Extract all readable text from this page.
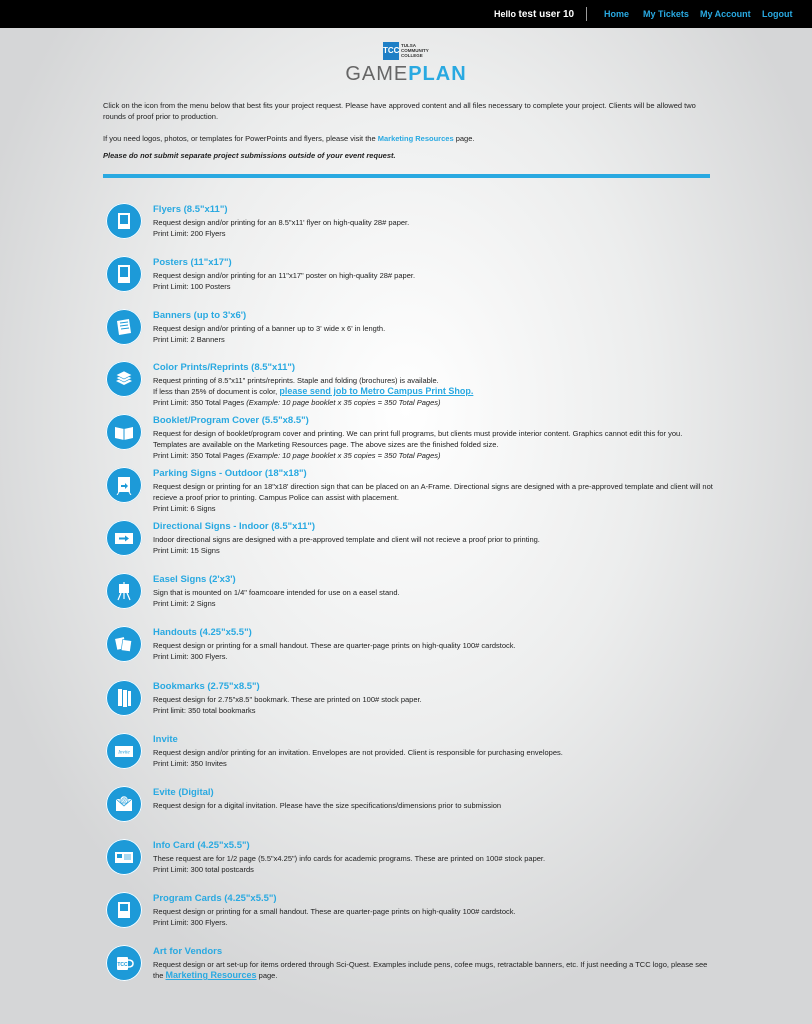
Hello test user 10	Home My Tickets My Account Logout
TCC
TULSA
COMMUNITY
COLLEGE
GAMEPLAN

Click on the icon from the menu below that best fits your project request. Please have approved content and all files necessary to complete your project. Clients will be allowed two rounds of proof prior to production.

If you need logos, photos, or templates for PowerPoints and flyers, please visit the Marketing Resources page.

Please do not submit separate project submissions outside of your event request.

Flyers (8.5"x11")
Request design and/or printing for an 8.5"x11' flyer on high-quality 28# paper.
Print Limit: 200 Flyers
Posters (11"x17")
Request design and/or printing for an 11"x17" poster on high-quality 28# paper.
Print Limit: 100 Posters
Banners (up to 3'x6')
Request design and/or printing of a banner up to 3' wide x 6' in length.
Print Limit: 2 Banners
Color Prints/Reprints (8.5"x11")
Request printing of 8.5"x11" prints/reprints. Staple and folding (brochures) is available.
If less than 25% of document is color, please send job to Metro Campus Print Shop.
Print Limit: 350 Total Pages (Example: 10 page booklet x 35 copies = 350 Total Pages)
Booklet/Program Cover (5.5"x8.5")
Request for design of booklet/program cover and printing. We can print full programs, but clients must provide interior content. Graphics cannot edit this for you. Templates are available on the Marketing Resources page. The above sizes are the finished folded size.
Print Limit: 350 Total Pages (Example: 10 page booklet x 35 copies = 350 Total Pages)
Parking Signs - Outdoor (18"x18")
Request design or printing for an 18"x18' direction sign that can be placed on an A-Frame. Directional signs are designed with a pre-approved template and client will not recieve a proof prior to printing. Campus Police can assist with placement.
Print Limit: 6 Signs
Directional Signs - Indoor (8.5"x11")
Indoor directional signs are designed with a pre-approved template and client will not recieve a proof prior to printing.
Print Limit: 15 Signs
Easel Signs (2'x3')
Sign that is mounted on 1/4" foamcoare intended for use on a easel stand.
Print Limit: 2 Signs
Handouts (4.25"x5.5")
Request design or printing for a small handout. These are quarter-page prints on high-quality 100# cardstock.
Print Limit: 300 Flyers.
Bookmarks (2.75"x8.5")
Request design for 2.75"x8.5" bookmark. These are printed on 100# stock paper.
Print limit: 350 total bookmarks
Invite
Invite
Request design and/or printing for an invitation. Envelopes are not provided. Client is responsible for purchasing envelopes.
Print Limit: 350 Invites
@
Evite (Digital)
Request design for a digital invitation. Please have the size specifications/dimensions prior to submission
Info Card (4.25"x5.5")
These request are for 1/2 page (5.5"x4.25") info cards for academic programs. These are printed on 100# stock paper.
Print Limit: 300 total postcards
Program Cards (4.25"x5.5")
Request design or printing for a small handout. These are quarter-page prints on high-quality 100# cardstock.
Print Limit: 300 Flyers.
TCC
Art for Vendors
Request design or art set-up for items ordered through Sci-Quest. Examples include pens, cofee mugs, retractable banners, etc. If just needing a TCC logo, please see the Marketing Resources page.
